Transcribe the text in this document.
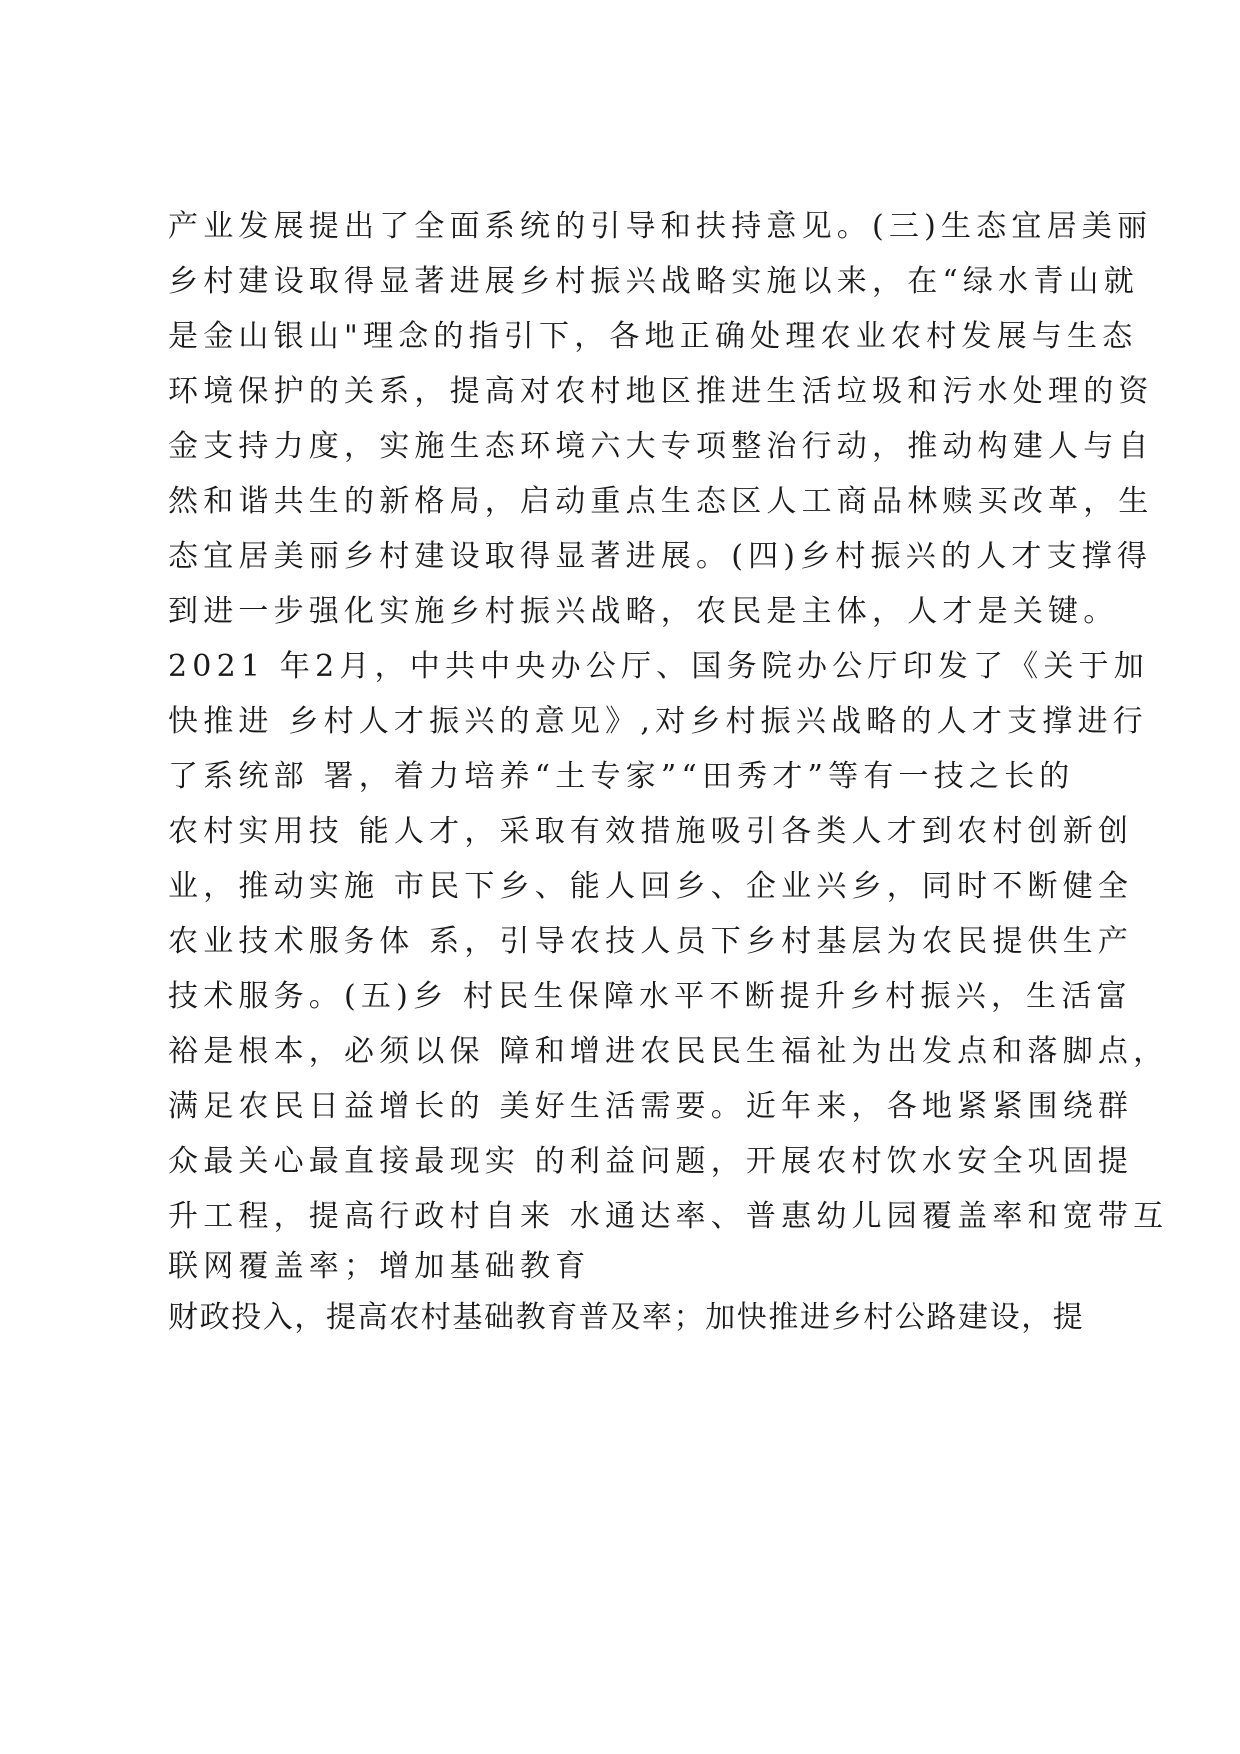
产业发展提出了全面系统的引导和扶持意见。(三)生态宜居美丽
乡村建设取得显著进展乡村振兴战略实施以来，在“绿水青山就
是金山银山"理念的指引下，各地正确处理农业农村发展与生态
环境保护的关系，提高对农村地区推进生活垃圾和污水处理的资
金支持力度，实施生态环境六大专项整治行动，推动构建人与自
然和谐共生的新格局，启动重点生态区人工商品林赎买改革，生
态宜居美丽乡村建设取得显著进展。(四)乡村振兴的人才支撑得
到进一步强化实施乡村振兴战略，农民是主体，人才是关键。
2021 年2月，中共中央办公厅、国务院办公厅印发了《关于加
快推进 乡村人才振兴的意见》,对乡村振兴战略的人才支撑进行
了系统部 署，着力培养“土专家”“田秀才”等有一技之长的
农村实用技 能人才，采取有效措施吸引各类人才到农村创新创
业，推动实施 市民下乡、能人回乡、企业兴乡，同时不断健全
农业技术服务体 系，引导农技人员下乡村基层为农民提供生产
技术服务。(五)乡 村民生保障水平不断提升乡村振兴，生活富
裕是根本，必须以保 障和增进农民民生福祉为出发点和落脚点，
满足农民日益增长的 美好生活需要。近年来，各地紧紧围绕群
众最关心最直接最现实 的利益问题，开展农村饮水安全巩固提
升工程，提高行政村自来 水通达率、普惠幼儿园覆盖率和宽带互
联网覆盖率；增加基础教育
财政投入，提高农村基础教育普及率；加快推进乡村公路建设，提
